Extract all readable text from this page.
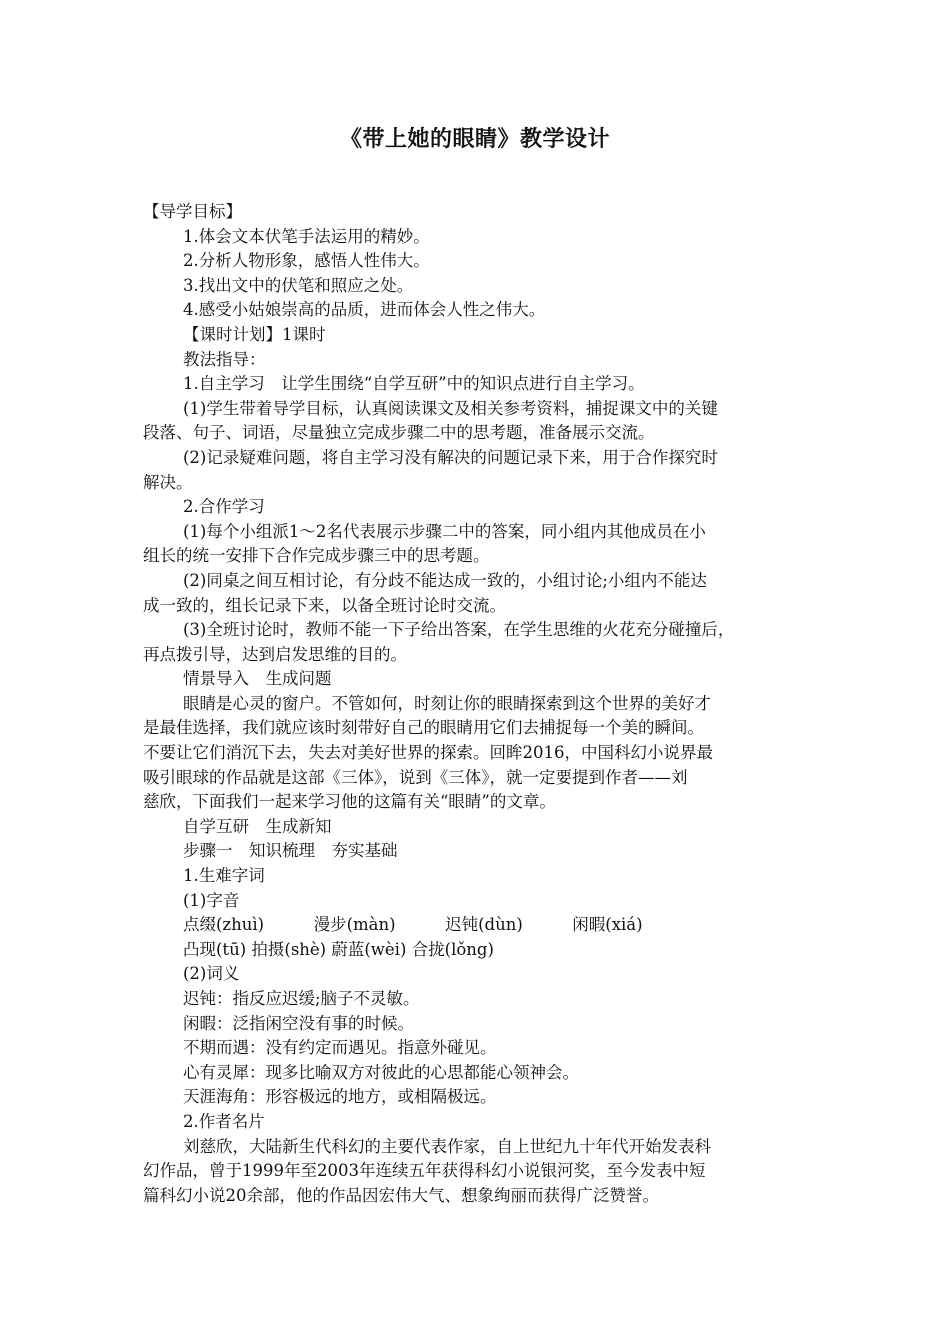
《带上她的眼睛》教学设计
【导学目标】
1.体会文本伏笔手法运用的精妙。
2.分析人物形象，感悟人性伟大。
3.找出文中的伏笔和照应之处。
4.感受小姑娘崇高的品质，进而体会人性之伟大。
【课时计划】1课时
教法指导：
1.自主学习　让学生围绕“自学互研”中的知识点进行自主学习。
(1)学生带着导学目标，认真阅读课文及相关参考资料，捕捉课文中的关键
段落、句子、词语，尽量独立完成步骤二中的思考题，准备展示交流。
(2)记录疑难问题，将自主学习没有解决的问题记录下来，用于合作探究时
解决。
2.合作学习
(1)每个小组派1～2名代表展示步骤二中的答案，同小组内其他成员在小
组长的统一安排下合作完成步骤三中的思考题。
(2)同桌之间互相讨论，有分歧不能达成一致的，小组讨论;小组内不能达
成一致的，组长记录下来，以备全班讨论时交流。
(3)全班讨论时，教师不能一下子给出答案，在学生思维的火花充分碰撞后，
再点拨引导，达到启发思维的目的。
情景导入　生成问题
眼睛是心灵的窗户。不管如何，时刻让你的眼睛探索到这个世界的美好才
是最佳选择，我们就应该时刻带好自己的眼睛用它们去捕捉每一个美的瞬间。
不要让它们消沉下去，失去对美好世界的探索。回眸2016，中国科幻小说界最
吸引眼球的作品就是这部《三体》，说到《三体》，就一定要提到作者——刘
慈欣，下面我们一起来学习他的这篇有关“眼睛”的文章。
自学互研　生成新知
步骤一　知识梳理　夯实基础
1.生难字词
(1)字音
点缀(zhuì)　　　漫步(màn)　　　迟钝(dùn)　　　闲暇(xiá)
凸现(tū) 拍摄(shè) 蔚蓝(wèi) 合拢(lǒng)
(2)词义
迟钝：指反应迟缓;脑子不灵敏。
闲暇：泛指闲空没有事的时候。
不期而遇：没有约定而遇见。指意外碰见。
心有灵犀：现多比喻双方对彼此的心思都能心领神会。
天涯海角：形容极远的地方，或相隔极远。
2.作者名片
刘慈欣，大陆新生代科幻的主要代表作家，自上世纪九十年代开始发表科
幻作品，曾于1999年至2003年连续五年获得科幻小说银河奖，至今发表中短
篇科幻小说20余部，他的作品因宏伟大气、想象绚丽而获得广泛赞誉。
